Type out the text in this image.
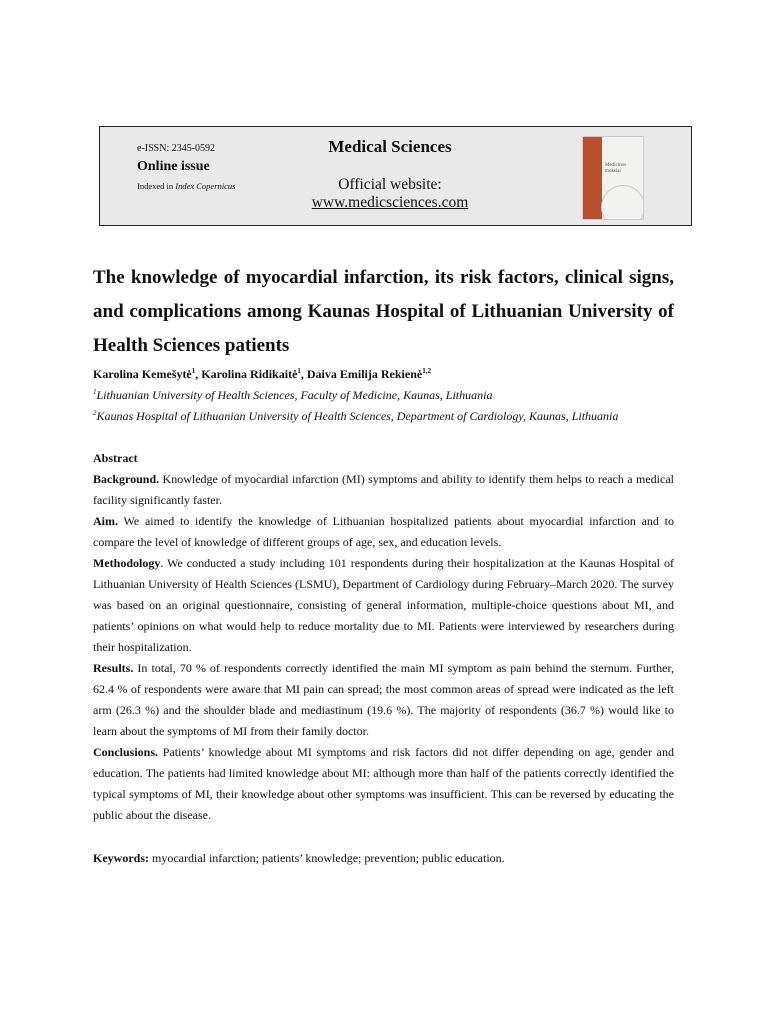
e-ISSN: 2345-0592
Online issue
Indexed in Index Copernicus
Medical Sciences
Official website:
www.medicsciences.com
Medicinos mokslai
The knowledge of myocardial infarction, its risk factors, clinical signs, and complications among Kaunas Hospital of Lithuanian University of Health Sciences patients
Karolina Kemešytė$^1$, Karolina Ridikaitė$^1$, Daiva Emilija Rekienė$^{1,2}$
$^1$Lithuanian University of Health Sciences, Faculty of Medicine, Kaunas, Lithuania
$^2$Kaunas Hospital of Lithuanian University of Health Sciences, Department of Cardiology, Kaunas, Lithuania
Abstract

Background. Knowledge of myocardial infarction (MI) symptoms and ability to identify them helps to reach a medical facility significantly faster.

Aim. We aimed to identify the knowledge of Lithuanian hospitalized patients about myocardial infarction and to compare the level of knowledge of different groups of age, sex, and education levels.

Methodology. We conducted a study including 101 respondents during their hospitalization at the Kaunas Hospital of Lithuanian University of Health Sciences (LSMU), Department of Cardiology during February–March 2020. The survey was based on an original questionnaire, consisting of general information, multiple-choice questions about MI, and patients’ opinions on what would help to reduce mortality due to MI. Patients were interviewed by researchers during their hospitalization.

Results. In total, 70 % of respondents correctly identified the main MI symptom as pain behind the sternum. Further, 62.4 % of respondents were aware that MI pain can spread; the most common areas of spread were indicated as the left arm (26.3 %) and the shoulder blade and mediastinum (19.6 %). The majority of respondents (36.7 %) would like to learn about the symptoms of MI from their family doctor.

Conclusions. Patients’ knowledge about MI symptoms and risk factors did not differ depending on age, gender and education. The patients had limited knowledge about MI: although more than half of the patients correctly identified the typical symptoms of MI, their knowledge about other symptoms was insufficient. This can be reversed by educating the public about the disease.

Keywords: myocardial infarction; patients’ knowledge; prevention; public education.
